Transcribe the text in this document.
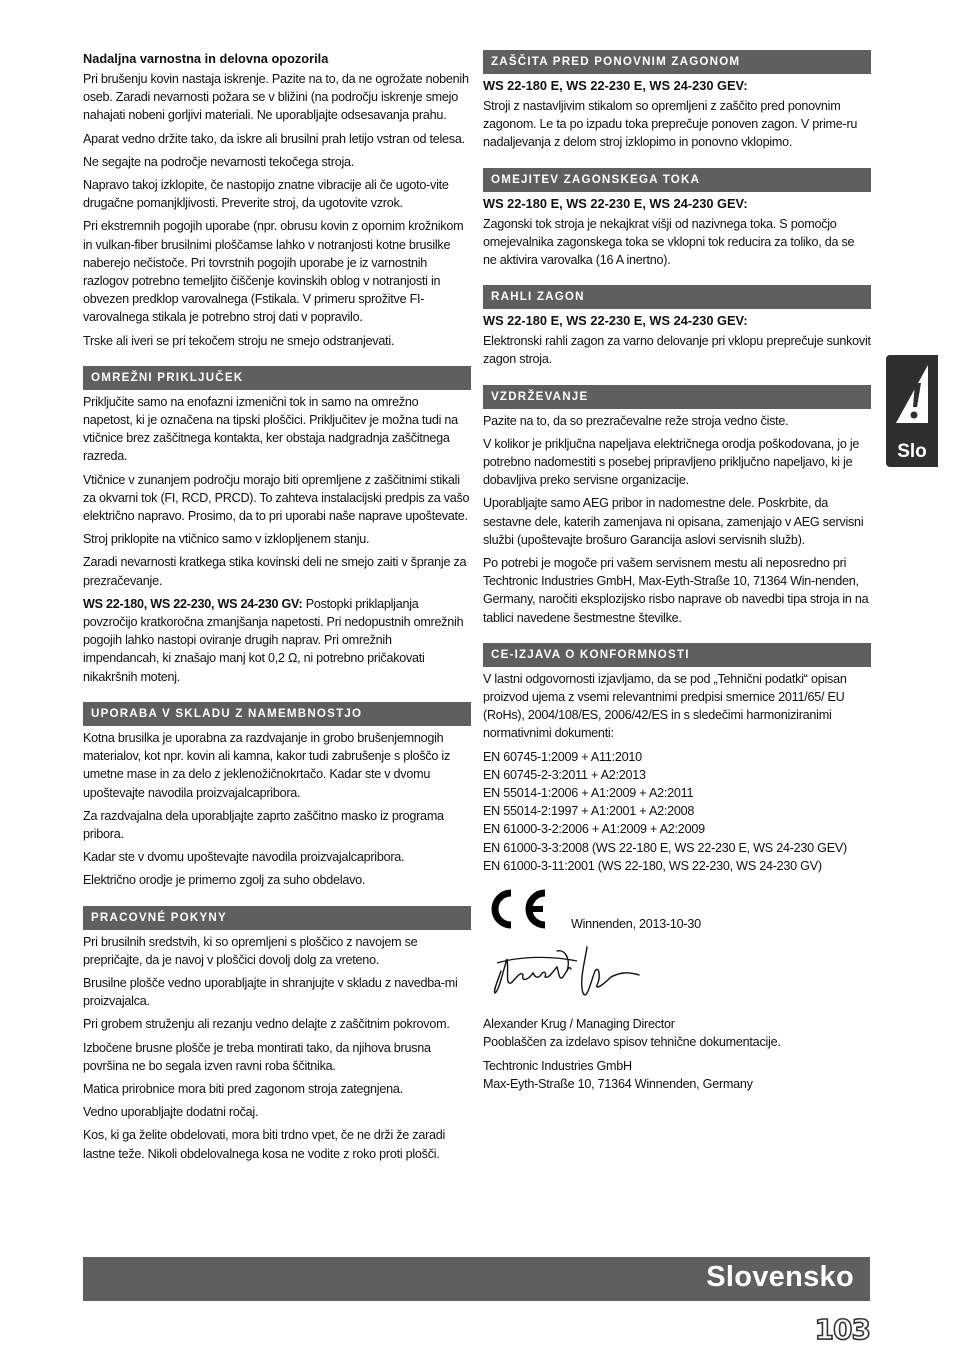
Nadaljna varnostna in delovna opozorila

Pri brušenju kovin nastaja iskrenje. Pazite na to, da ne ogrožate nobenih oseb. Zaradi nevarnosti požara se v bližini (na področju iskrenje smejo nahajati nobeni gorljivi materiali. Ne uporabljajte odsesavanja prahu.

Aparat vedno držite tako, da iskre ali brusilni prah letijo vstran od telesa.

Ne segajte na področje nevarnosti tekočega stroja.

Napravo takoj izklopite, če nastopijo znatne vibracije ali če ugoto-vite drugačne pomanjkljivosti. Preverite stroj, da ugotovite vzrok.

Pri ekstremnih pogojih uporabe (npr. obrusu kovin z opornim krožnikom in vulkan-fiber brusilnimi ploščamse lahko v notranjosti kotne brusilke naberejo nečistoče. Pri tovrstnih pogojih uporabe je iz varnostnih razlogov potrebno temeljito čiščenje kovinskih oblog v notranjosti in obvezen predklop varovalnega (Fstikala. V primeru sprožitve FI-varovalnega stikala je potrebno stroj dati v popravilo.

Trske ali iveri se pri tekočem stroju ne smejo odstranjevati.

OMREŽNI PRIKLJUČEK

Priključite samo na enofazni izmenični tok in samo na omrežno napetost, ki je označena na tipski ploščici. Priključitev je možna tudi na vtičnice brez zaščitnega kontakta, ker obstaja nadgradnja zaščitnega razreda.

Vtičnice v zunanjem področju morajo biti opremljene z zaščitnimi stikali za okvarni tok (FI, RCD, PRCD). To zahteva instalacijski predpis za vašo električno napravo. Prosimo, da to pri uporabi naše naprave upoštevate.

Stroj priklopite na vtičnico samo v izklopljenem stanju.

Zaradi nevarnosti kratkega stika kovinski deli ne smejo zaiti v špranje za prezračevanje.

WS 22-180, WS 22-230, WS 24-230 GV: Postopki priklapljanja povzročijo kratkoročna zmanjšanja napetosti. Pri nedopustnih omrežnih pogojih lahko nastopi oviranje drugih naprav. Pri omrežnih impendancah, ki znašajo manj kot 0,2 Ω, ni potrebno pričakovati nikakršnih motenj.

UPORABA V SKLADU Z NAMEMBNOSTJO

Kotna brusilka je uporabna za razdvajanje in grobo brušenjemnogih materialov, kot npr. kovin ali kamna, kakor tudi zabrušenje s ploščo iz umetne mase in za delo z jeklenožičnokrtačo. Kadar ste v dvomu upoštevajte navodila proizvajalcapribora.

Za razdvajalna dela uporabljajte zaprto zaščitno masko iz programa pribora.

Kadar ste v dvomu upoštevajte navodila proizvajalcapribora.

Električno orodje je primerno zgolj za suho obdelavo.

PRACOVNÉ POKYNY

Pri brusilnih sredstvih, ki so opremljeni s ploščico z navojem se prepričajte, da je navoj v ploščici dovolj dolg za vreteno.

Brusilne plošče vedno uporabljajte in shranjujte v skladu z navedba-mi proizvajalca.

Pri grobem struženju ali rezanju vedno delajte z zaščitnim pokrovom.

Izbočene brusne plošče je treba montirati tako, da njihova brusna površina ne bo segala izven ravni roba ščitnika.

Matica prirobnice mora biti pred zagonom stroja zategnjena.

Vedno uporabljajte dodatni ročaj.

Kos, ki ga želite obdelovati, mora biti trdno vpet, če ne drži že zaradi lastne teže. Nikoli obdelovalnega kosa ne vodite z roko proti plošči.

ZAŠČITA PRED PONOVNIM ZAGONOM
WS 22-180 E, WS 22-230 E, WS 24-230 GEV:

Stroji z nastavljivim stikalom so opremljeni z zaščito pred ponovnim zagonom. Le ta po izpadu toka preprečuje ponoven zagon. V prime-ru nadaljevanja z delom stroj izklopimo in ponovno vklopimo.

OMEJITEV ZAGONSKEGA TOKA
WS 22-180 E, WS 22-230 E, WS 24-230 GEV:

Zagonski tok stroja je nekajkrat višji od nazivnega toka. S pomočjo omejevalnika zagonskega toka se vklopni tok reducira za toliko, da se ne aktivira varovalka (16 A inertno).

RAHLI ZAGON
WS 22-180 E, WS 22-230 E, WS 24-230 GEV:

Elektronski rahli zagon za varno delovanje pri vklopu preprečuje sunkovit zagon stroja.

VZDRŽEVANJE

Pazite na to, da so prezračevalne reže stroja vedno čiste.

V kolikor je priključna napeljava električnega orodja poškodovana, jo je potrebno nadomestiti s posebej pripravljeno priključno napeljavo, ki je dobavljiva preko servisne organizacije.

Uporabljajte samo AEG pribor in nadomestne dele. Poskrbite, da sestavne dele, katerih zamenjava ni opisana, zamenjajo v AEG servisni službi (upoštevajte brošuro Garancija aslovi servisnih služb).

Po potrebi je mogoče pri vašem servisnem mestu ali neposredno pri Techtronic Industries GmbH, Max-Eyth-Straße 10, 71364 Win-nenden, Germany, naročiti eksplozijsko risbo naprave ob navedbi tipa stroja in na tablici navedene šestmestne številke.

CE-IZJAVA O KONFORMNOSTI

V lastni odgovornosti izjavljamo, da se pod „Tehnični podatki“ opisan proizvod ujema z vsemi relevantnimi predpisi smernice 2011/65/ EU (RoHs), 2004/108/ES, 2006/42/ES in s sledečimi harmoniziranimi normativnimi dokumenti:

EN 60745-1:2009 + A11:2010

EN 60745-2-3:2011 + A2:2013

EN 55014-1:2006 + A1:2009 + A2:2011

EN 55014-2:1997 + A1:2001 + A2:2008

EN 61000-3-2:2006 + A1:2009 + A2:2009

EN 61000-3-3:2008 (WS 22-180 E, WS 22-230 E, WS 24-230 GEV)

EN 61000-3-11:2001 (WS 22-180, WS 22-230, WS 24-230 GV)

Winnenden, 2013-10-30

Alexander Krug / Managing Director

Pooblaščen za izdelavo spisov tehnične dokumentacije.

Techtronic Industries GmbH

Max-Eyth-Straße 10, 71364 Winnenden, Germany

Slo
Slovensko
103
